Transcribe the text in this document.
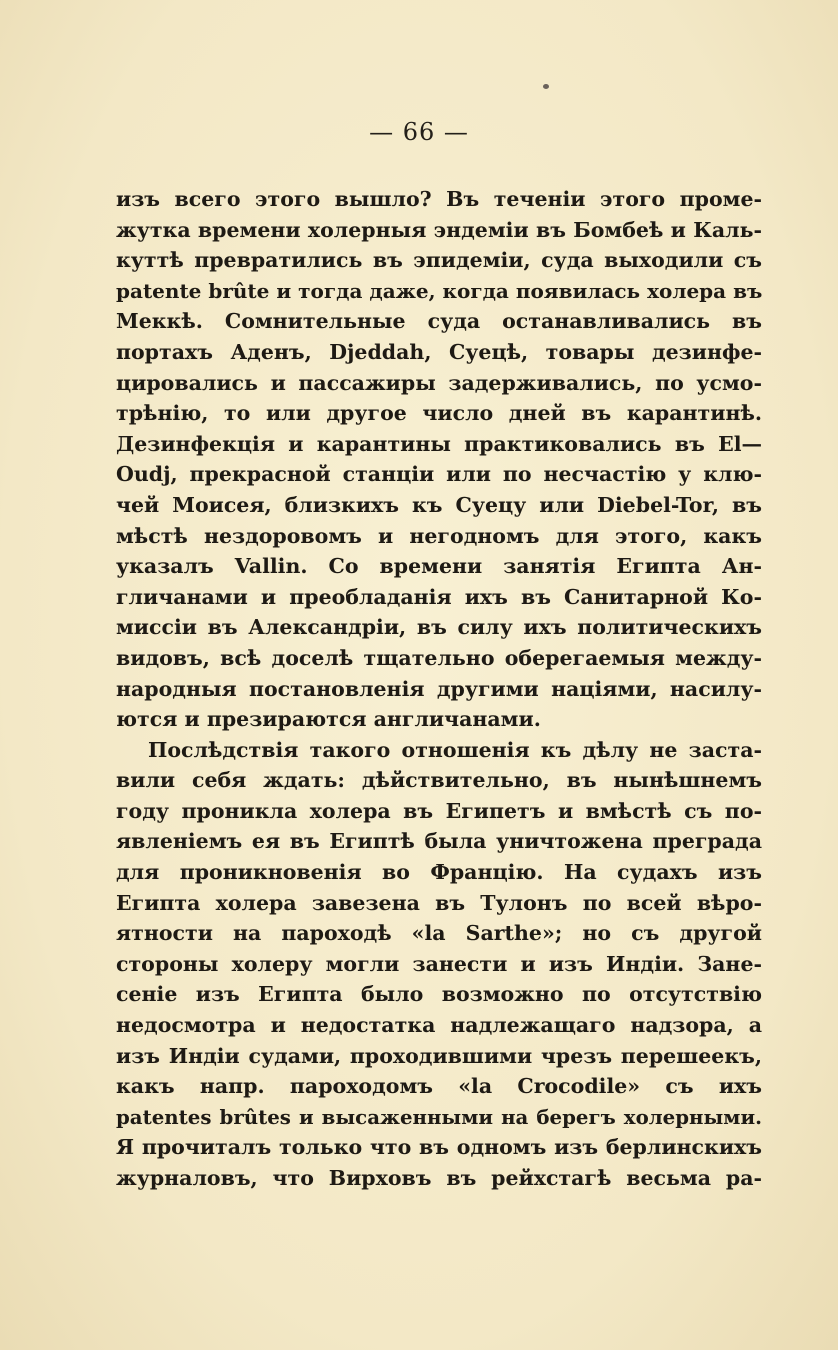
— 66 —
изъ всего этого вышло? Въ теченіи этого проме-
жутка времени холерныя эндеміи въ Бомбеѣ и Каль-
куттѣ превратились въ эпидеміи, суда выходили съ
patente brûte и тогда даже, когда появилась холера въ
Меккѣ. Сомнительные суда останавливались въ
портахъ Аденъ, Djeddah, Суецѣ, товары дезинфе-
цировались и пассажиры задерживались, по усмо-
трѣнію, то или другое число дней въ карантинѣ.
Дезинфекція и карантины практиковались въ El—
Oudj, прекрасной станціи или по несчастію у клю-
чей Моисея, близкихъ къ Суецу или Diebel-Tor, въ
мѣстѣ нездоровомъ и негодномъ для этого, какъ
указалъ Vallin. Со времени занятія Египта Ан-
гличанами и преобладанія ихъ въ Санитарной Ко-
миссіи въ Александріи, въ силу ихъ политическихъ
видовъ, всѣ доселѣ тщательно оберегаемыя между-
народныя постановленія другими націями, насилу-
ются и презираются англичанами.
Послѣдствія такого отношенія къ дѣлу не заста-
вили себя ждать: дѣйствительно, въ нынѣшнемъ
году проникла холера въ Египетъ и вмѣстѣ съ по-
явленіемъ ея въ Египтѣ была уничтожена преграда
для проникновенія во Францію. На судахъ изъ
Египта холера завезена въ Тулонъ по всей вѣро-
ятности на пароходѣ «la Sarthe»; но съ другой
стороны холеру могли занести и изъ Индіи. Зане-
сеніе изъ Египта было возможно по отсутствію
недосмотра и недостатка надлежащаго надзора, а
изъ Индіи судами, проходившими чрезъ перешеекъ,
какъ напр. пароходомъ «la Crocodile» съ ихъ
patentes brûtes и высаженными на берегъ холерными.
Я прочиталъ только что въ одномъ изъ берлинскихъ
журналовъ, что Вирховъ въ рейхстагѣ весьма ра-
